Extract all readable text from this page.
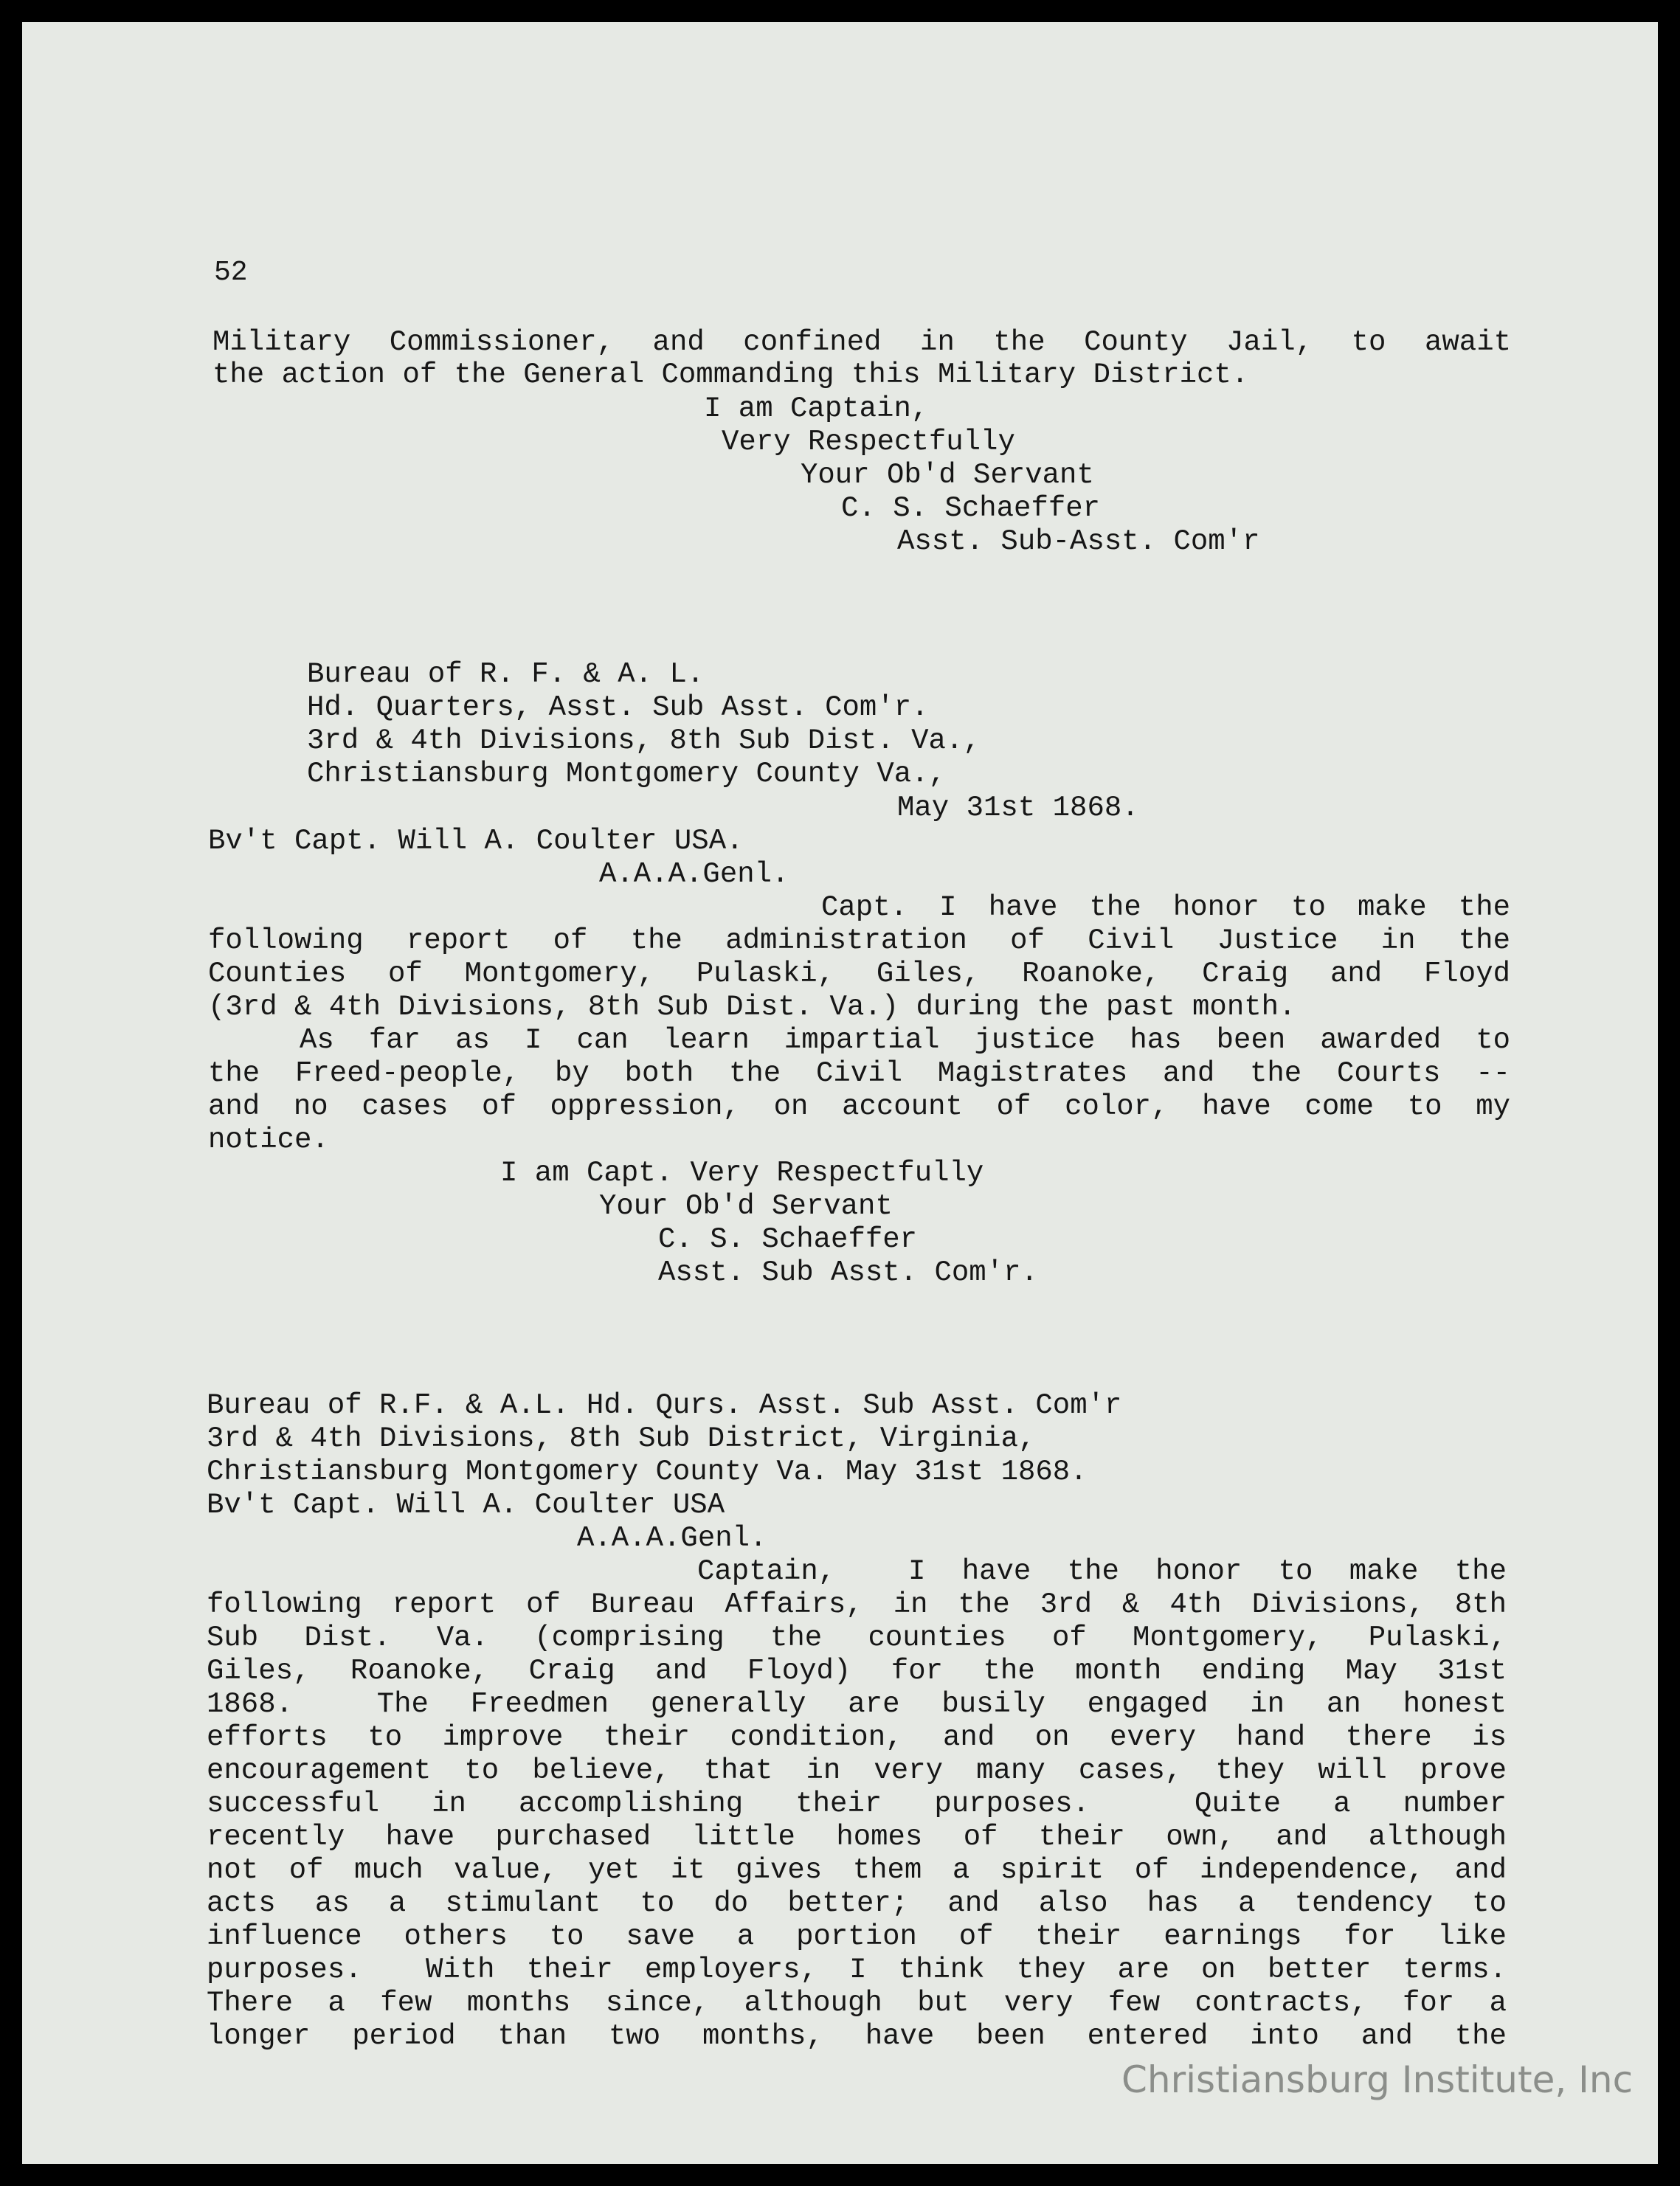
52
Military Commissioner, and confined in the County Jail, to await
the action of the General Commanding this Military District.
I am Captain,
Very Respectfully
Your Ob'd Servant
C. S. Schaeffer
Asst. Sub-Asst. Com'r
Bureau of R. F. & A. L.
Hd. Quarters, Asst. Sub Asst. Com'r.
3rd & 4th Divisions, 8th Sub Dist. Va.,
Christiansburg Montgomery County Va.,
May 31st 1868.
Bv't Capt. Will A. Coulter USA.
A.A.A.Genl.
Capt. I have the honor to make the
following report of the administration of Civil Justice in the
Counties of Montgomery, Pulaski, Giles, Roanoke, Craig and Floyd
(3rd & 4th Divisions, 8th Sub Dist. Va.) during the past month.
As far as I can learn impartial justice has been awarded to
the Freed-people, by both the Civil Magistrates and the Courts --
and no cases of oppression, on account of color, have come to my
notice.
I am Capt. Very Respectfully
Your Ob'd Servant
C. S. Schaeffer
Asst. Sub Asst. Com'r.
Bureau of R.F. & A.L. Hd. Qurs. Asst. Sub Asst. Com'r
3rd & 4th Divisions, 8th Sub District, Virginia,
Christiansburg Montgomery County Va. May 31st 1868.
Bv't Capt. Will A. Coulter USA
A.A.A.Genl.
Captain,  I have the honor to make the
following report of Bureau Affairs, in the 3rd & 4th Divisions, 8th
Sub Dist. Va. (comprising the counties of Montgomery, Pulaski,
Giles, Roanoke, Craig and Floyd) for the month ending May 31st
1868.  The Freedmen generally are busily engaged in an honest
efforts to improve their condition, and on every hand there is
encouragement to believe, that in very many cases, they will prove
successful in accomplishing their purposes.  Quite a number
recently have purchased little homes of their own, and although
not of much value, yet it gives them a spirit of independence, and
acts as a stimulant to do better; and also has a tendency to
influence others to save a portion of their earnings for like
purposes.  With their employers, I think they are on better terms.
There a few months since, although but very few contracts, for a
longer period than two months, have been entered into and the
Christiansburg Institute, Inc
